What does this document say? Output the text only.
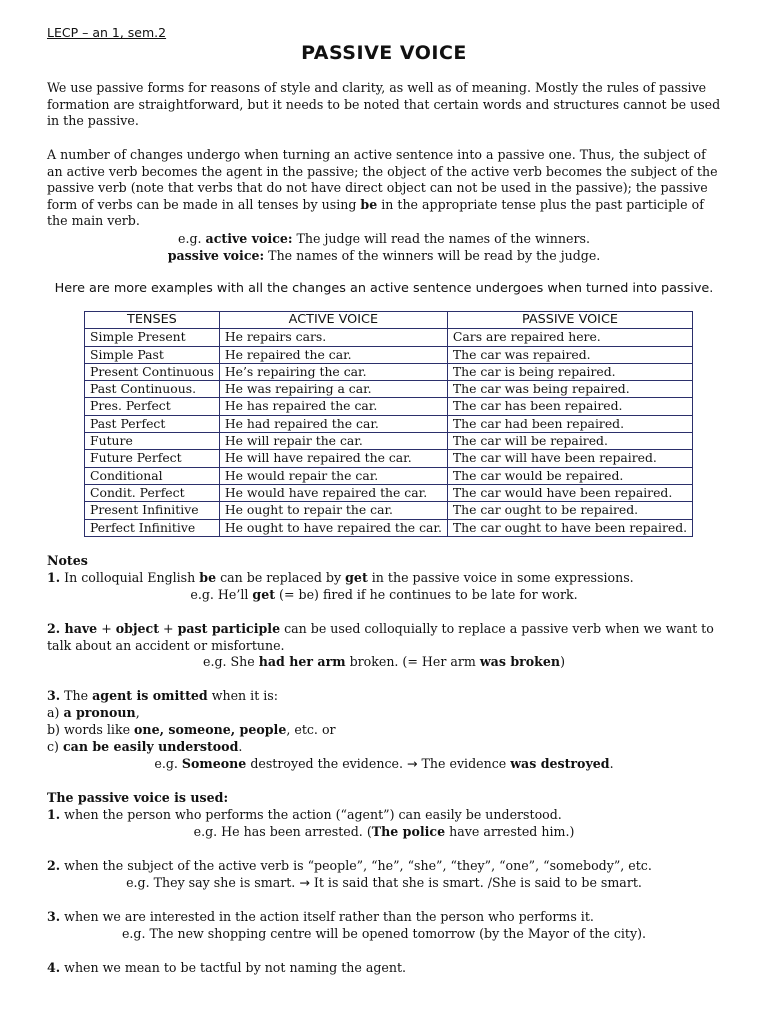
LECP – an 1, sem.2
PASSIVE VOICE

We use passive forms for reasons of style and clarity, as well as of meaning. Mostly the rules of passive formation are straightforward, but it needs to be noted that certain words and structures cannot be used in the passive.

A number of changes undergo when turning an active sentence into a passive one. Thus, the subject of an active verb becomes the agent in the passive; the object of the active verb becomes the subject of the passive verb (note that verbs that do not have direct object can not be used in the passive); the passive form of verbs can be made in all tenses by using be in the appropriate tense plus the past participle of the main verb.

e.g. active voice: The judge will read the names of the winners.
passive voice: The names of the winners will be read by the judge.
Here are more examples with all the changes an active sentence undergoes when turned into passive.
TENSES	ACTIVE VOICE	PASSIVE VOICE
Simple Present	He repairs cars.	Cars are repaired here.
Simple Past	He repaired the car.	The car was repaired.
Present Continuous	He’s repairing the car.	The car is being repaired.
Past Continuous.	He was repairing a car.	The car was being repaired.
Pres. Perfect	He has repaired the car.	The car has been repaired.
Past Perfect	He had repaired the car.	The car had been repaired.
Future	He will repair the car.	The car will be repaired.
Future Perfect	He will have repaired the car.	The car will have been repaired.
Conditional	He would repair the car.	The car would be repaired.
Condit. Perfect	He would have repaired the car.	The car would have been repaired.
Present Infinitive	He ought to repair the car.	The car ought to be repaired.
Perfect Infinitive	He ought to have repaired the car.	The car ought to have been repaired.
Notes
1. In colloquial English be can be replaced by get in the passive voice in some expressions.
e.g. He’ll get (= be) fired if he continues to be late for work.
2. have + object + past participle can be used colloquially to replace a passive verb when we want to talk about an accident or misfortune.
e.g. She had her arm broken. (= Her arm was broken)
3. The agent is omitted when it is:
a) a pronoun,
b) words like one, someone, people, etc. or
c) can be easily understood.
e.g. Someone destroyed the evidence. → The evidence was destroyed.
The passive voice is used:
1. when the person who performs the action (“agent”) can easily be understood.
e.g. He has been arrested. (The police have arrested him.)
2. when the subject of the active verb is “people”, “he”, “she”, “they”, “one”, “somebody”, etc.
e.g. They say she is smart. → It is said that she is smart. /She is said to be smart.
3. when we are interested in the action itself rather than the person who performs it.
e.g. The new shopping centre will be opened tomorrow (by the Mayor of the city).
4. when we mean to be tactful by not naming the agent.
